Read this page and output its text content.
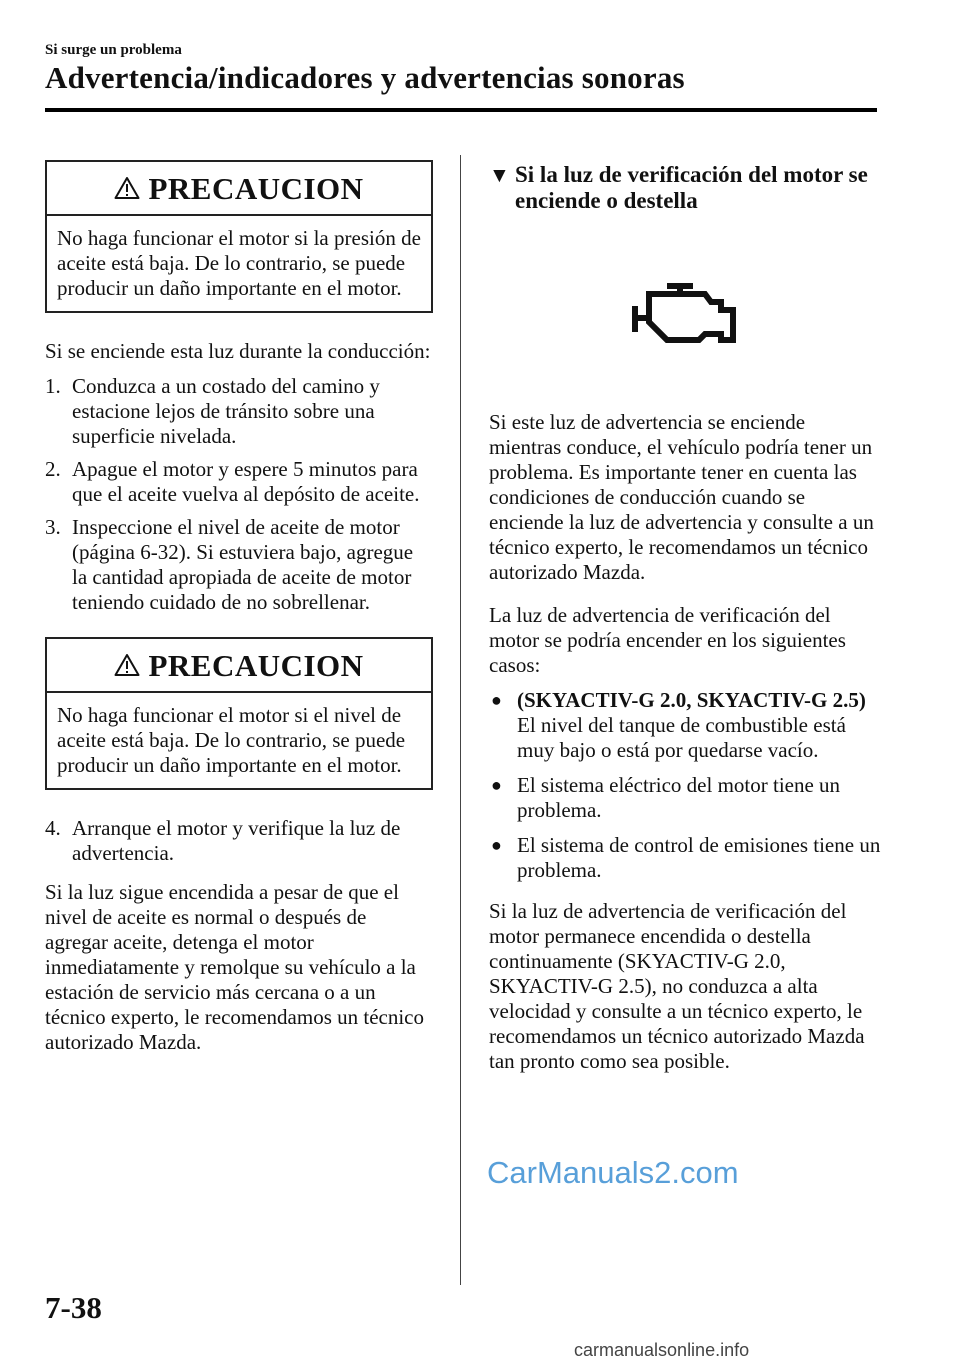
Si surge un problema
Advertencia/indicadores y advertencias sonoras
PRECAUCION
No haga funcionar el motor si la presión de aceite está baja. De lo contrario, se puede producir un daño importante en el motor.

Si se enciende esta luz durante la conducción:

1. Conduzca a un costado del camino y estacione lejos de tránsito sobre una superficie nivelada.
2. Apague el motor y espere 5 minutos para que el aceite vuelva al depósito de aceite.
3. Inspeccione el nivel de aceite de motor (página 6-32). Si estuviera bajo, agregue la cantidad apropiada de aceite de motor teniendo cuidado de no sobrellenar.
PRECAUCION
No haga funcionar el motor si el nivel de aceite está baja. De lo contrario, se puede producir un daño importante en el motor.
4. Arranque el motor y verifique la luz de advertencia.

Si la luz sigue encendida a pesar de que el nivel de aceite es normal o después de agregar aceite, detenga el motor inmediatamente y remolque su vehículo a la estación de servicio más cercana o a un técnico experto, le recomendamos un técnico autorizado Mazda.

▼ Si la luz de verificación del motor se enciende o destella

Si este luz de advertencia se enciende mientras conduce, el vehículo podría tener un problema. Es importante tener en cuenta las condiciones de conducción cuando se enciende la luz de advertencia y consulte a un técnico experto, le recomendamos un técnico autorizado Mazda.

La luz de advertencia de verificación del motor se podría encender en los siguientes casos:

● (SKYACTIV-G 2.0, SKYACTIV-G 2.5)
El nivel del tanque de combustible está muy bajo o está por quedarse vacío.
● El sistema eléctrico del motor tiene un problema.
● El sistema de control de emisiones tiene un problema.

Si la luz de advertencia de verificación del motor permanece encendida o destella continuamente (SKYACTIV-G 2.0, SKYACTIV-G 2.5), no conduzca a alta velocidad y consulte a un técnico experto, le recomendamos un técnico autorizado Mazda tan pronto como sea posible.

CarManuals2.com
7-38
carmanualsonline.info
